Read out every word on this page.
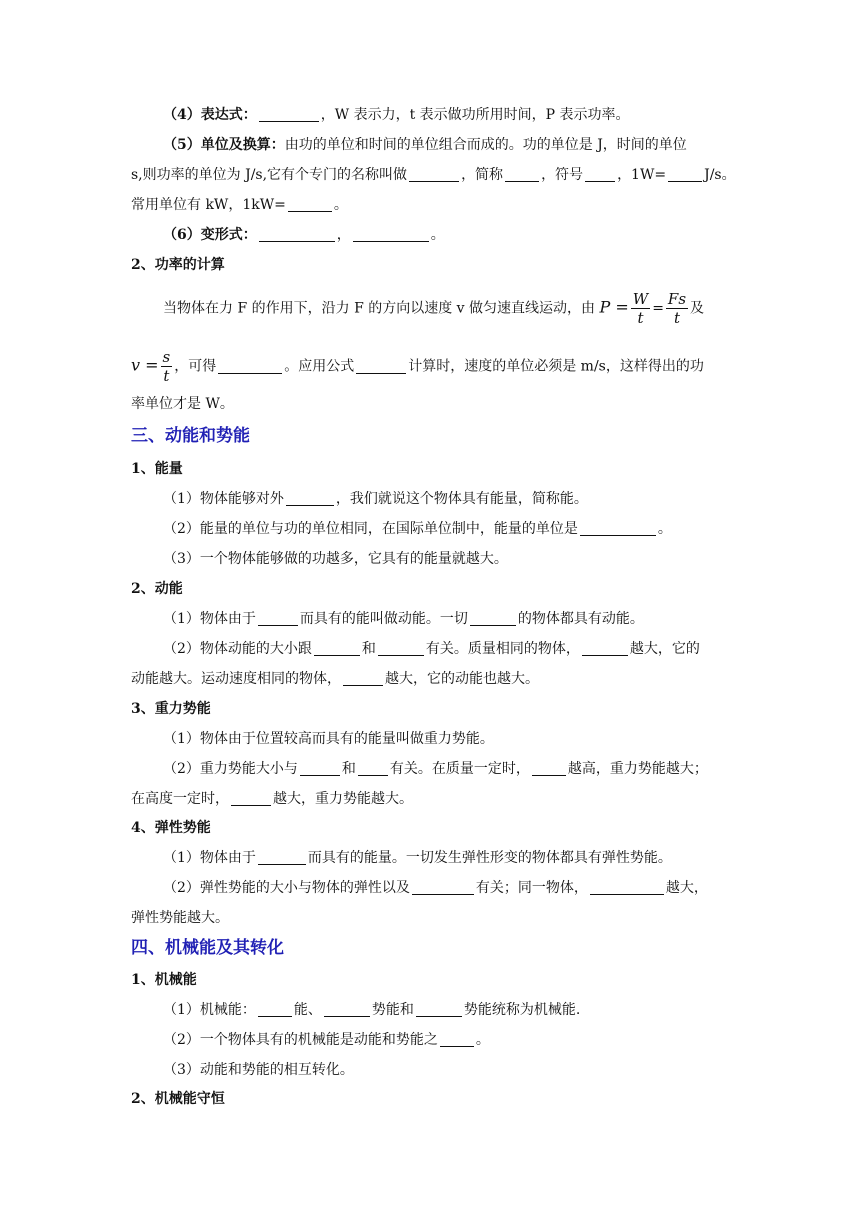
（4）表达式：	，W 表示力，t 表示做功所用时间，P 表示功率。
（5）单位及换算：由功的单位和时间的单位组合而成的。功的单位是 J，时间的单位
s,则功率的单位为 J/s,它有个专门的名称叫做	，简称	，符号 ，1W=	J/s。
常用单位有 kW，1kW=	。
（6）变形式：	，	。
2、功率的计算
当物体在力 F 的作用下，沿力 F 的方向以速度 v 做匀速直线运动，由 $P = \frac{W}{t} = \frac{Fs}{t}$ 及
$v = \frac{s}{t}$ ，可得	。应用公式	计算时，速度的单位必须是 m/s，这样得出的功
率单位才是 W。
三、动能和势能
1、能量
（1）物体能够对外	，我们就说这个物体具有能量，简称能。
（2）能量的单位与功的单位相同，在国际单位制中，能量的单位是	。
（3）一个物体能够做的功越多，它具有的能量就越大。
2、动能
（1）物体由于	而具有的能叫做动能。一切	的物体都具有动能。
（2）物体动能的大小跟	和	有关。质量相同的物体，	越大，它的
动能越大。运动速度相同的物体，	越大，它的动能也越大。
3、重力势能
（1）物体由于位置较高而具有的能量叫做重力势能。
（2）重力势能大小与	和 有关。在质量一定时，	越高，重力势能越大；
在高度一定时，	越大，重力势能越大。
4、弹性势能
（1）物体由于	而具有的能量。一切发生弹性形变的物体都具有弹性势能。
（2）弹性势能的大小与物体的弹性以及	有关；同一物体，	越大，
弹性势能越大。
四、机械能及其转化
1、机械能
（1）机械能：	能、	势能和	势能统称为机械能.
（2）一个物体具有的机械能是动能和势能之	。
（3）动能和势能的相互转化。
2、机械能守恒
